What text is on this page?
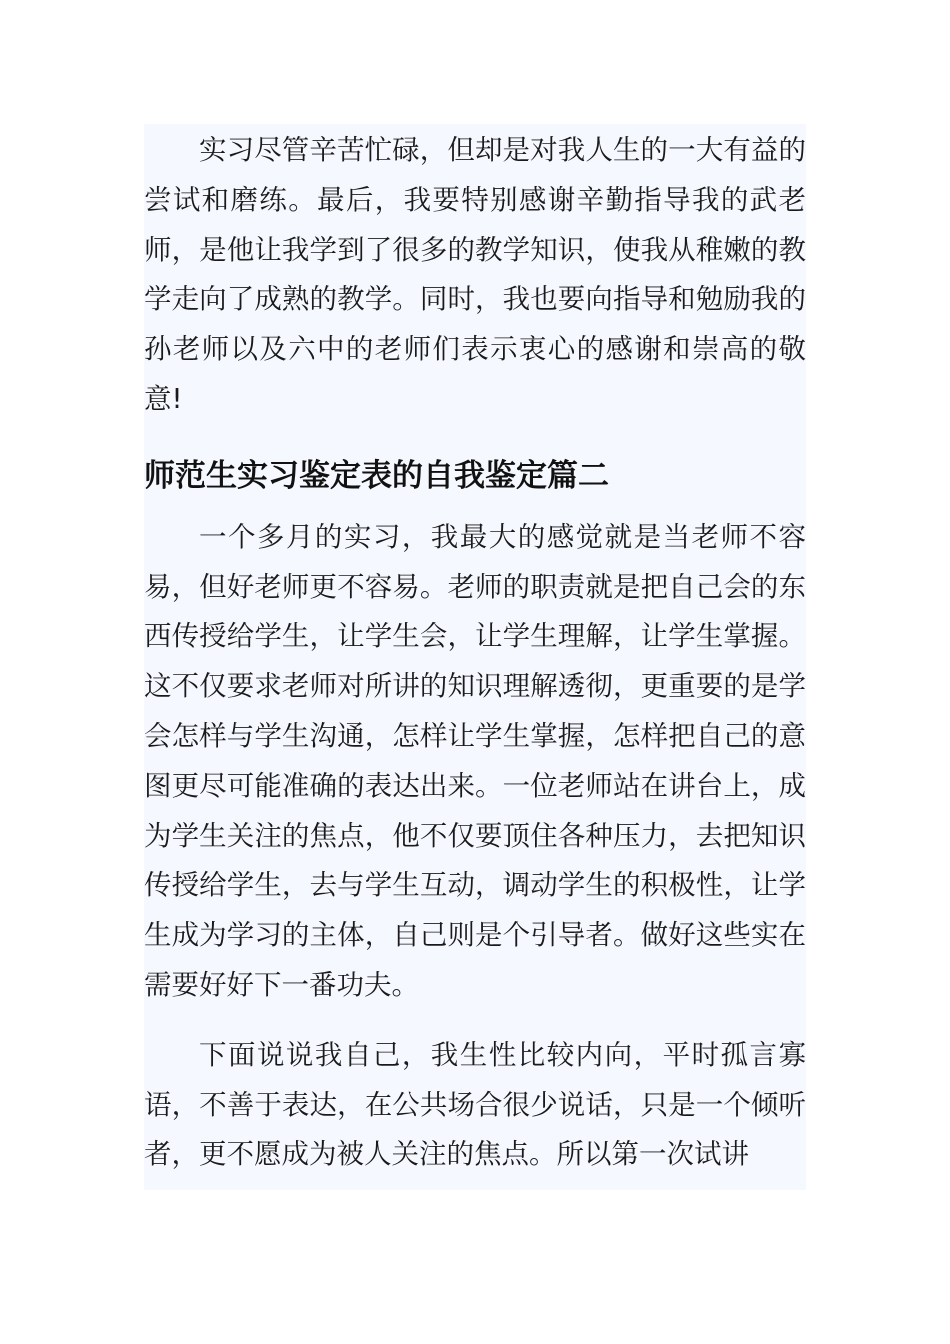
实习尽管辛苦忙碌，但却是对我人生的一大有益的尝试和磨练。最后，我要特别感谢辛勤指导我的武老师，是他让我学到了很多的教学知识，使我从稚嫩的教学走向了成熟的教学。同时，我也要向指导和勉励我的孙老师以及六中的老师们表示衷心的感谢和崇高的敬意!

师范生实习鉴定表的自我鉴定篇二

一个多月的实习，我最大的感觉就是当老师不容易，但好老师更不容易。老师的职责就是把自己会的东西传授给学生，让学生会，让学生理解，让学生掌握。这不仅要求老师对所讲的知识理解透彻，更重要的是学会怎样与学生沟通，怎样让学生掌握，怎样把自己的意图更尽可能准确的表达出来。一位老师站在讲台上，成为学生关注的焦点，他不仅要顶住各种压力，去把知识传授给学生，去与学生互动，调动学生的积极性，让学生成为学习的主体，自己则是个引导者。做好这些实在需要好好下一番功夫。

下面说说我自己，我生性比较内向，平时孤言寡语，不善于表达，在公共场合很少说话，只是一个倾听者，更不愿成为被人关注的焦点。所以第一次试讲
